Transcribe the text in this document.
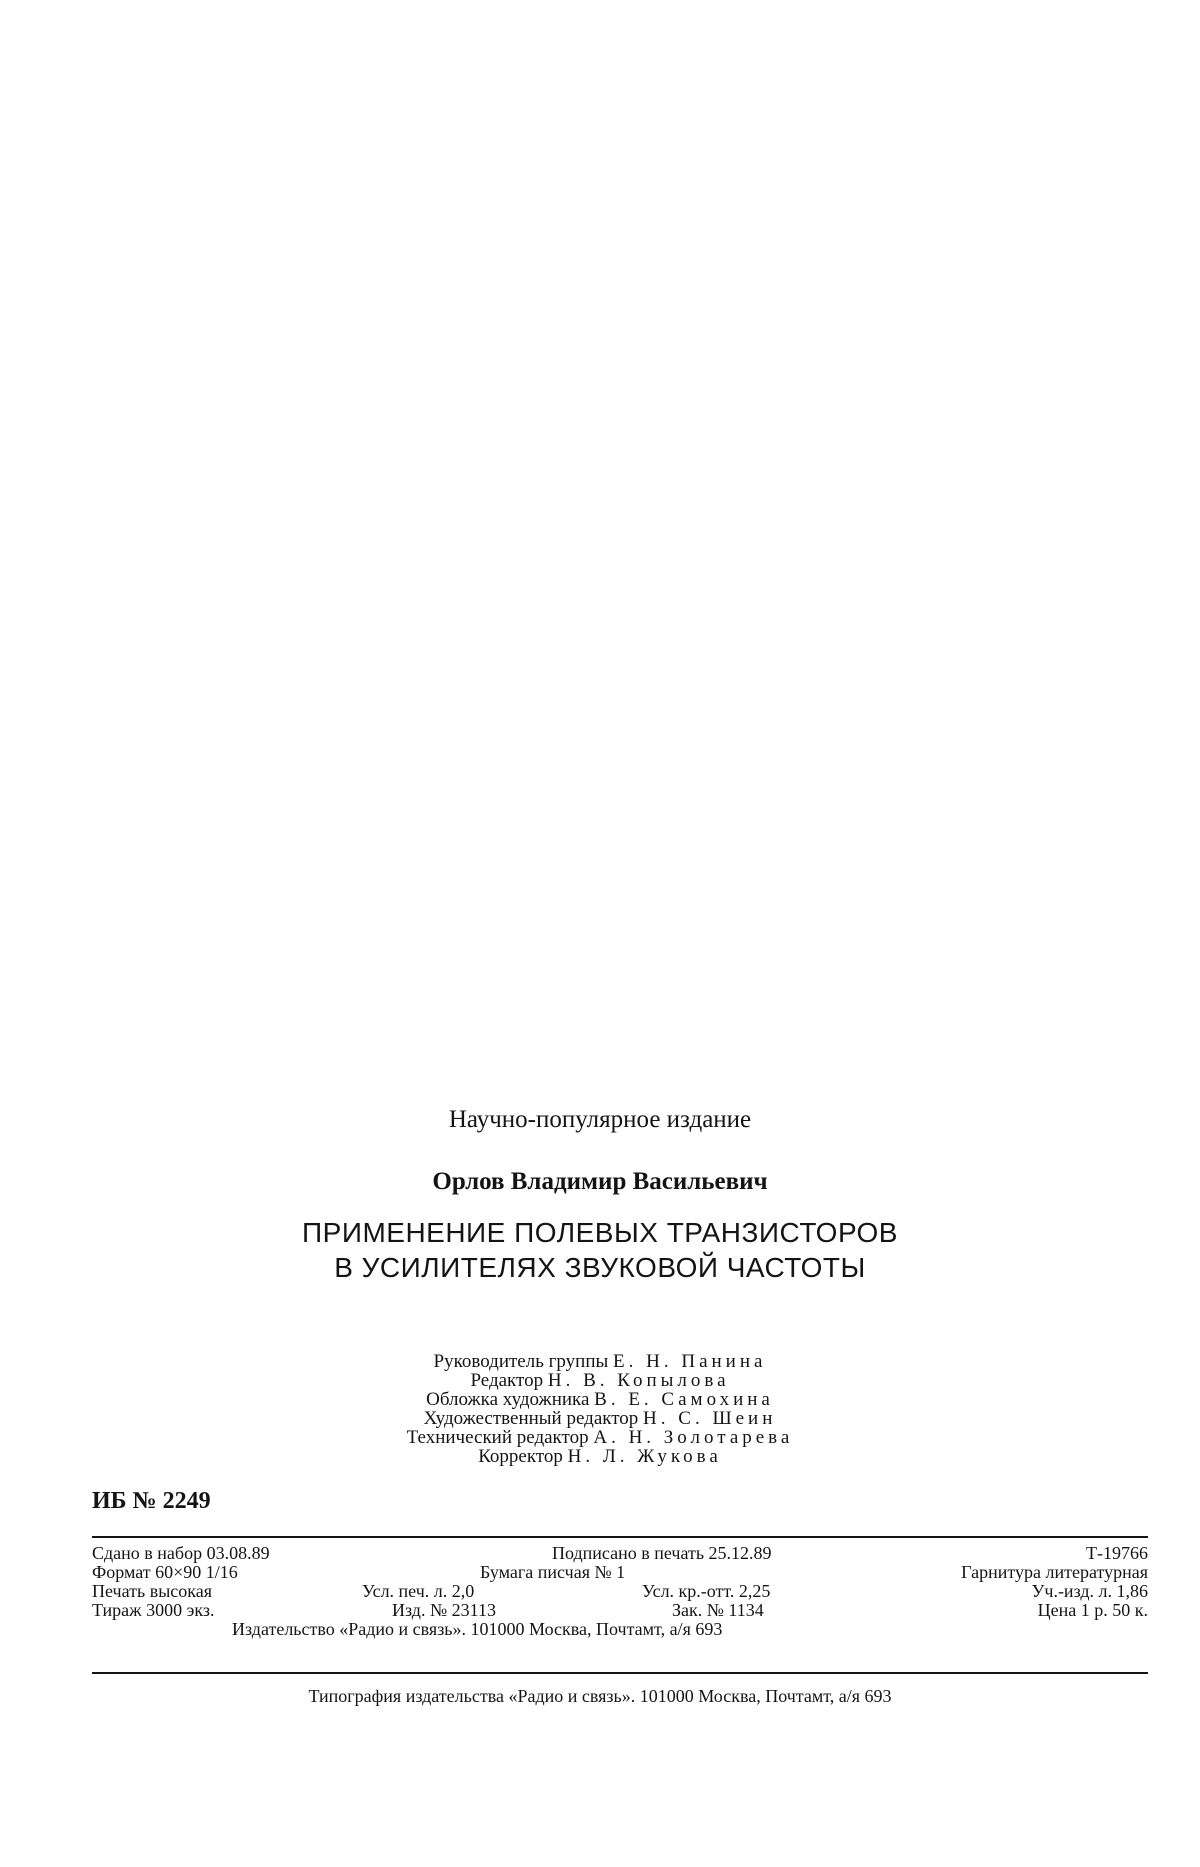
Научно-популярное издание
Орлов Владимир Васильевич
ПРИМЕНЕНИЕ ПОЛЕВЫХ ТРАНЗИСТОРОВ
В УСИЛИТЕЛЯХ ЗВУКОВОЙ ЧАСТОТЫ
Руководитель группы Е. Н. Панина
Редактор Н. В. Копылова
Обложка художника В. Е. Самохина
Художественный редактор Н. С. Шеин
Технический редактор А. Н. Золотарева
Корректор Н. Л. Жукова
ИБ № 2249
Сдано в набор 03.08.89	Подписано в печать 25.12.89	Т-19766
Формат 60×90 1/16	Бумага писчая № 1	Гарнитура литературная
Печать высокая	Усл. печ. л. 2,0	Усл. кр.-отт. 2,25	Уч.-изд. л. 1,86
Тираж 3000 экз.	Изд. № 23113	Зак. № 1134	Цена 1 р. 50 к.
Издательство «Радио и связь». 101000 Москва, Почтамт, а/я 693
Типография издательства «Радио и связь». 101000 Москва, Почтамт, а/я 693
